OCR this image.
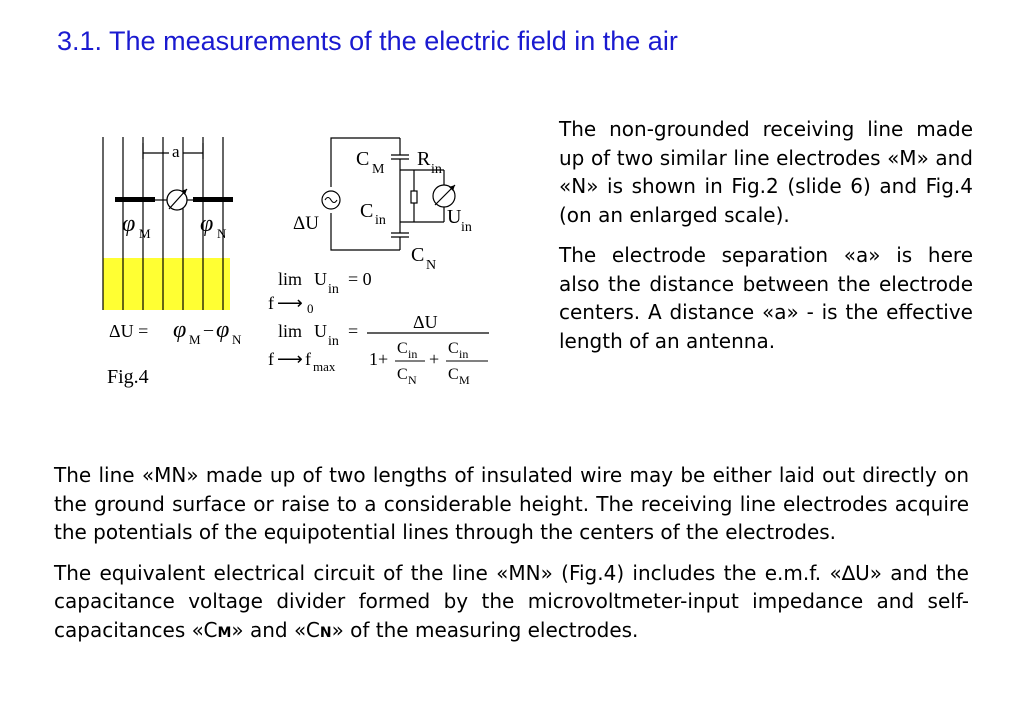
3.1. The measurements of the electric field in the air
a
φ M φ N
ΔU = φ M
– φ N
Fig.4
C M R in
C in	U in
C N
ΔU
lim U
in
= 0
f ⟶ 0
lim U
in
=	ΔU
f ⟶ f max 1+
C in
C N
+
C in
C M

The non-grounded receiving line made up of two similar line electrodes «M» and «N» is shown in Fig.2 (slide 6) and Fig.4 (on an enlarged scale).

The electrode separation «a» is here also the distance between the electrode centers. A distance «a» - is the effective length of an antenna.

The line «MN» made up of two lengths of insulated wire may be either laid out directly on the ground surface or raise to a considerable height. The receiving line electrodes acquire the potentials of the equipotential lines through the centers of the electrodes.

The equivalent electrical circuit of the line «MN» (Fig.4) includes the e.m.f. «∆U» and the capacitance voltage divider formed by the microvoltmeter-input impedance and self-capacitances «CM» and «CN» of the measuring electrodes.
